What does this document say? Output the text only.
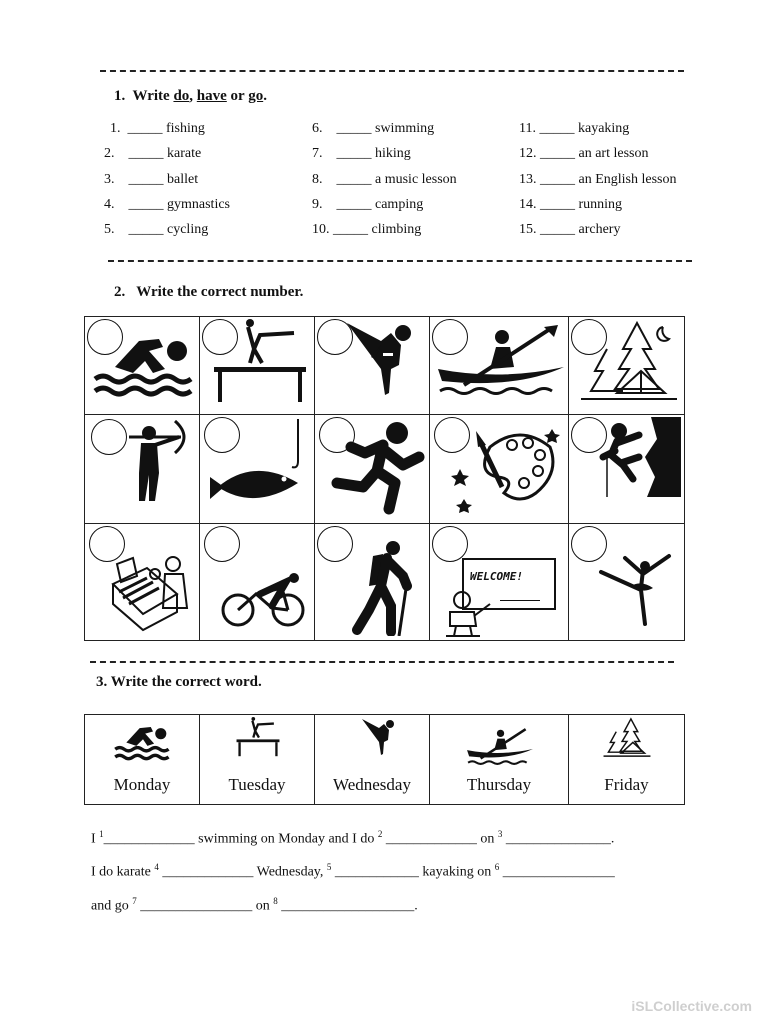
1. Write do, have or go.
1. _____ fishing
2. _____ karate
3. _____ ballet
4. _____ gymnastics
5. _____ cycling
6. _____ swimming
7. _____ hiking
8. _____ a music lesson
9. _____ camping
10. _____ climbing
11. _____ kayaking
12. _____ an art lesson
13. _____ an English lesson
14. _____ running
15. _____ archery
2.   Write the correct number.
WELCOME!
3. Write the correct word.
Monday	Tuesday	Wednesday	Thursday	Friday
I $^1$_____________ swimming on Monday and I do $^2$ _____________ on $^3$ _______________.
I do karate $^4$ _____________ Wednesday, $^5$ ____________ kayaking on $^6$ ________________
and go $^7$ ________________ on $^8$ ___________________.
iSLCollective.com
